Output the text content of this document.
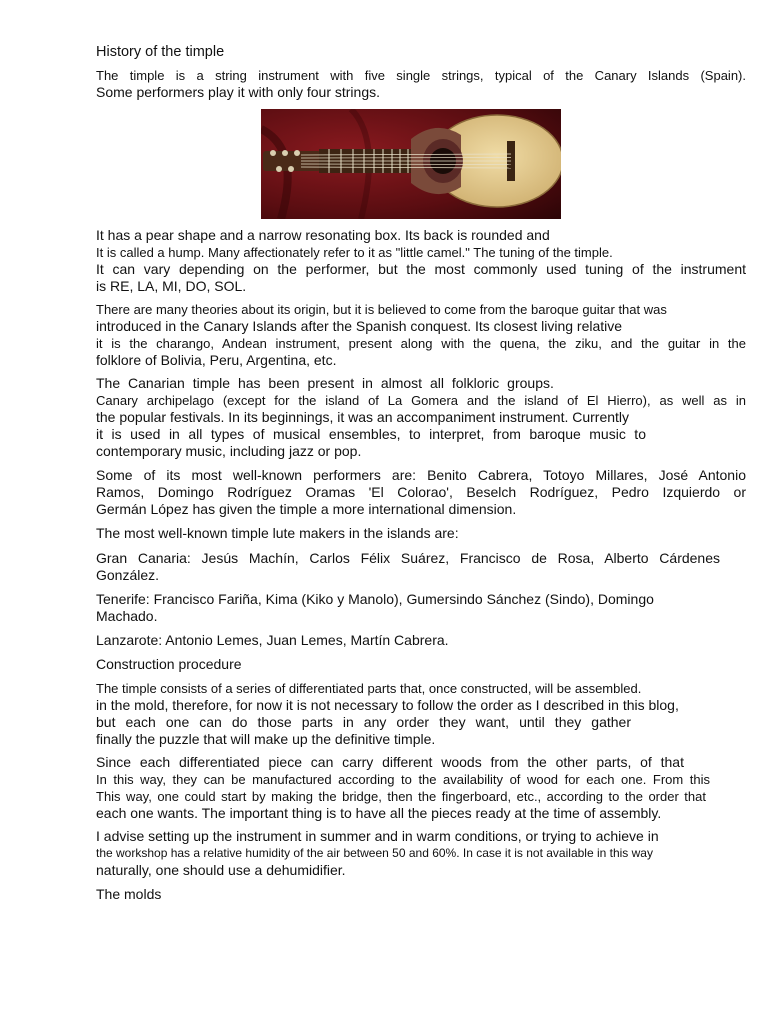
History of the timple
The timple is a string instrument with five single strings, typical of the Canary Islands (Spain).
Some performers play it with only four strings.
It has a pear shape and a narrow resonating box. Its back is rounded and
It is called a hump. Many affectionately refer to it as "little camel." The tuning of the timple.
It can vary depending on the performer, but the most commonly used tuning of the instrument
is RE, LA, MI, DO, SOL.
There are many theories about its origin, but it is believed to come from the baroque guitar that was
introduced in the Canary Islands after the Spanish conquest. Its closest living relative
it is the charango, Andean instrument, present along with the quena, the ziku, and the guitar in the
folklore of Bolivia, Peru, Argentina, etc.
The Canarian timple has been present in almost all folkloric groups.
Canary archipelago (except for the island of La Gomera and the island of El Hierro), as well as in
the popular festivals. In its beginnings, it was an accompaniment instrument. Currently
it is used in all types of musical ensembles, to interpret, from baroque music to
contemporary music, including jazz or pop.
Some of its most well-known performers are: Benito Cabrera, Totoyo Millares, José Antonio
Ramos, Domingo Rodríguez Oramas 'El Colorao', Beselch Rodríguez, Pedro Izquierdo or
Germán López has given the timple a more international dimension.
The most well-known timple lute makers in the islands are:
Gran Canaria: Jesús Machín, Carlos Félix Suárez, Francisco de Rosa, Alberto Cárdenes
González.
Tenerife: Francisco Fariña, Kima (Kiko y Manolo), Gumersindo Sánchez (Sindo), Domingo
Machado.
Lanzarote: Antonio Lemes, Juan Lemes, Martín Cabrera.
Construction procedure
The timple consists of a series of differentiated parts that, once constructed, will be assembled.
in the mold, therefore, for now it is not necessary to follow the order as I described in this blog,
but each one can do those parts in any order they want, until they gather
finally the puzzle that will make up the definitive timple.
Since each differentiated piece can carry different woods from the other parts, of that
In this way, they can be manufactured according to the availability of wood for each one. From this
This way, one could start by making the bridge, then the fingerboard, etc., according to the order that
each one wants. The important thing is to have all the pieces ready at the time of assembly.
I advise setting up the instrument in summer and in warm conditions, or trying to achieve in
the workshop has a relative humidity of the air between 50 and 60%. In case it is not available in this way
naturally, one should use a dehumidifier.
The molds
